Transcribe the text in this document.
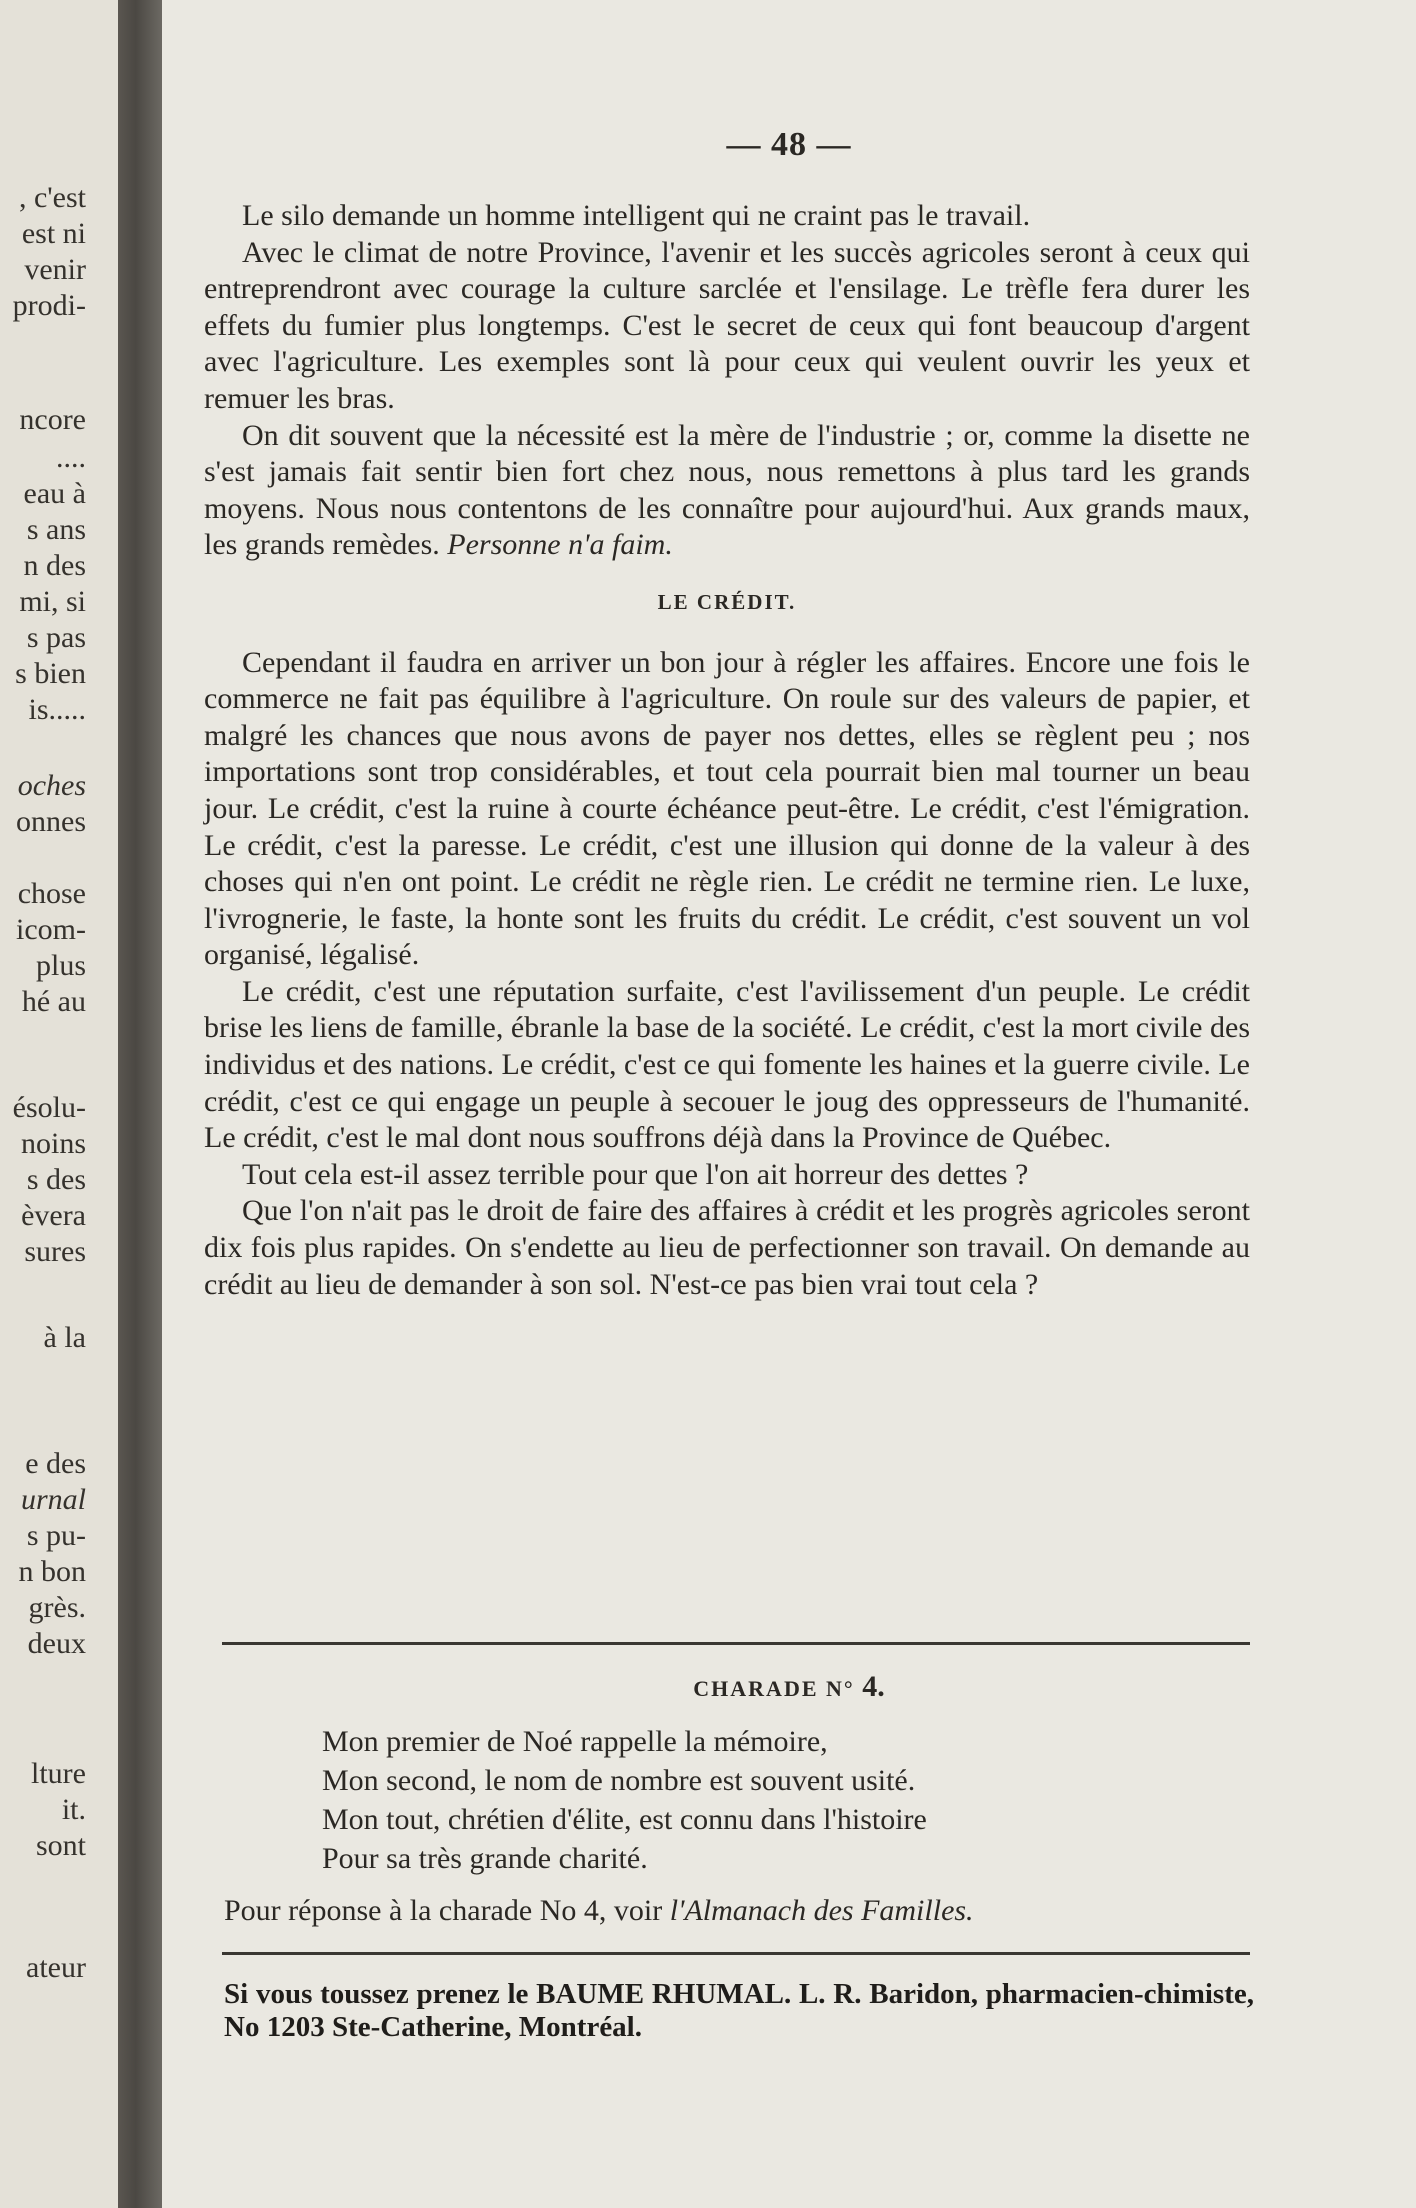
, c'est
est ni
venir
prodi-
ncore
....
eau à
s ans
n des
mi, si
s pas
s bien
is.....
oches
onnes
chose
icom-
plus
hé au
ésolu-
noins
s des
èvera
sures
à la
e des
urnal
s pu-
n bon
grès.
deux
lture
it.
sont
ateur
— 48 —

Le silo demande un homme intelligent qui ne craint pas le travail.

Avec le climat de notre Province, l'avenir et les succès agricoles seront à ceux qui entreprendront avec courage la culture sarclée et l'ensilage. Le trèfle fera durer les effets du fumier plus longtemps. C'est le secret de ceux qui font beaucoup d'argent avec l'agriculture. Les exemples sont là pour ceux qui veulent ouvrir les yeux et remuer les bras.

On dit souvent que la nécessité est la mère de l'industrie ; or, comme la disette ne s'est jamais fait sentir bien fort chez nous, nous remettons à plus tard les grands moyens. Nous nous contentons de les connaître pour aujourd'hui. Aux grands maux, les grands remèdes. Personne n'a faim.

LE CRÉDIT.

Cependant il faudra en arriver un bon jour à régler les affaires. Encore une fois le commerce ne fait pas équilibre à l'agriculture. On roule sur des valeurs de papier, et malgré les chances que nous avons de payer nos dettes, elles se règlent peu ; nos importations sont trop considérables, et tout cela pourrait bien mal tourner un beau jour. Le crédit, c'est la ruine à courte échéance peut-être. Le crédit, c'est l'émigration. Le crédit, c'est la paresse. Le crédit, c'est une illusion qui donne de la valeur à des choses qui n'en ont point. Le crédit ne règle rien. Le crédit ne termine rien. Le luxe, l'ivrognerie, le faste, la honte sont les fruits du crédit. Le crédit, c'est souvent un vol organisé, légalisé.

Le crédit, c'est une réputation surfaite, c'est l'avilissement d'un peuple. Le crédit brise les liens de famille, ébranle la base de la société. Le crédit, c'est la mort civile des individus et des nations. Le crédit, c'est ce qui fomente les haines et la guerre civile. Le crédit, c'est ce qui engage un peuple à secouer le joug des oppresseurs de l'humanité. Le crédit, c'est le mal dont nous souffrons déjà dans la Province de Québec.

Tout cela est-il assez terrible pour que l'on ait horreur des dettes ?

Que l'on n'ait pas le droit de faire des affaires à crédit et les progrès agricoles seront dix fois plus rapides. On s'endette au lieu de perfectionner son travail. On demande au crédit au lieu de demander à son sol. N'est-ce pas bien vrai tout cela ?

CHARADE N° 4.
Mon premier de Noé rappelle la mémoire,
Mon second, le nom de nombre est souvent usité.
Mon tout, chrétien d'élite, est connu dans l'histoire
Pour sa très grande charité.
Pour réponse à la charade No 4, voir l'Almanach des Familles.
Si vous toussez prenez le BAUME RHUMAL. L. R. Baridon, pharmacien-chimiste, No 1203 Ste-Catherine, Montréal.
